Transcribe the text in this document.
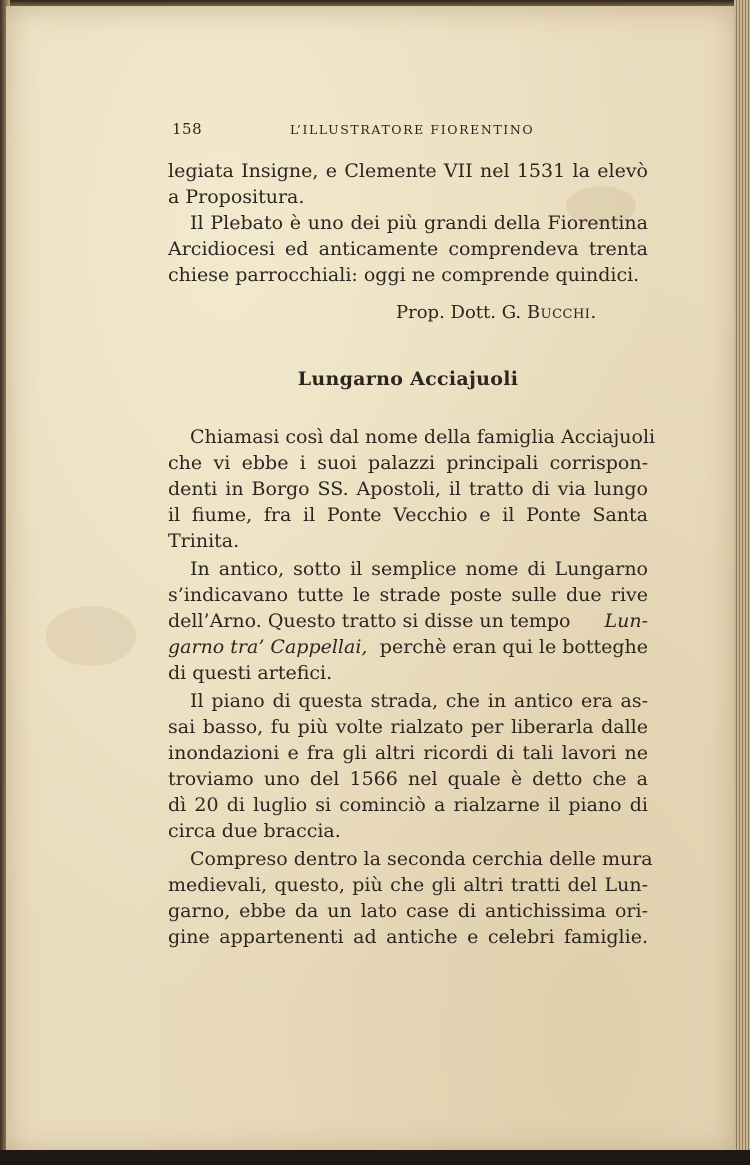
158	L’ILLUSTRATORE FIORENTINO
legiata Insigne, e Clemente VII nel 1531 la elevò
a Propositura.
Il Plebato è uno dei più grandi della Fiorentina
Arcidiocesi ed anticamente comprendeva trenta
chiese parrocchiali: oggi ne comprende quindici.
Prop. Dott. G. Bucchi.
Lungarno Acciajuoli
Chiamasi così dal nome della famiglia Acciajuoli
che vi ebbe i suoi palazzi principali corrispon-
denti in Borgo SS. Apostoli, il tratto di via lungo
il fiume, fra il Ponte Vecchio e il Ponte Santa
Trinita.
In antico, sotto il semplice nome di Lungarno
s’indicavano tutte le strade poste sulle due rive
dell’Arno. Questo tratto si disse un tempo Lun-
garno tra’ Cappellai, perchè eran qui le botteghe
di questi artefici.
Il piano di questa strada, che in antico era as-
sai basso, fu più volte rialzato per liberarla dalle
inondazioni e fra gli altri ricordi di tali lavori ne
troviamo uno del 1566 nel quale è detto che a
dì 20 di luglio si cominciò a rialzarne il piano di
circa due braccia.
Compreso dentro la seconda cerchia delle mura
medievali, questo, più che gli altri tratti del Lun-
garno, ebbe da un lato case di antichissima ori-
gine appartenenti ad antiche e celebri famiglie.
